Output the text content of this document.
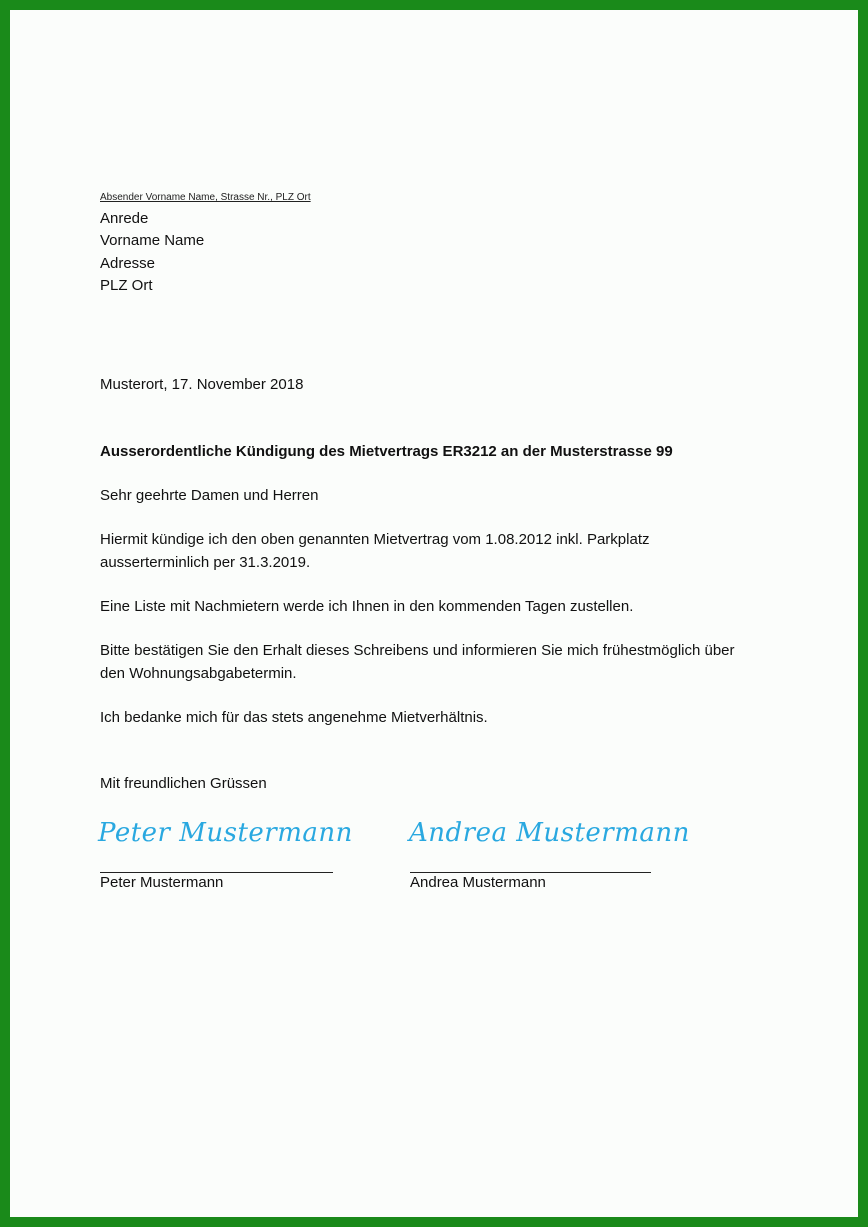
Absender Vorname Name, Strasse Nr., PLZ Ort
Anrede
Vorname Name
Adresse
PLZ Ort
Musterort, 17. November 2018
Ausserordentliche Kündigung des Mietvertrags ER3212 an der Musterstrasse 99
Sehr geehrte Damen und Herren
Hiermit kündige ich den oben genannten Mietvertrag vom 1.08.2012 inkl. Parkplatz
ausserterminlich per 31.3.2019.
Eine Liste mit Nachmietern werde ich Ihnen in den kommenden Tagen zustellen.
Bitte bestätigen Sie den Erhalt dieses Schreibens und informieren Sie mich frühestmöglich über
den Wohnungsabgabetermin.
Ich bedanke mich für das stets angenehme Mietverhältnis.
Mit freundlichen Grüssen
Peter Mustermann
Peter Mustermann
Andrea Mustermann
Andrea Mustermann
